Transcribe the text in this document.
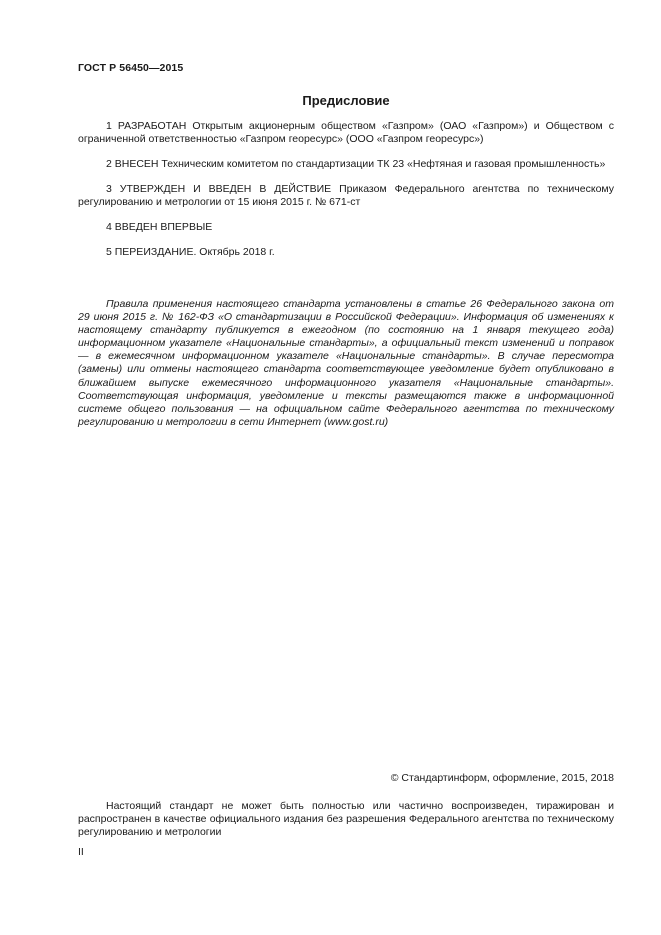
ГОСТ Р 56450—2015
Предисловие

1 РАЗРАБОТАН Открытым акционерным обществом «Газпром» (ОАО «Газпром») и Обществом с ограниченной ответственностью «Газпром георесурс» (ООО «Газпром георесурс»)

2 ВНЕСЕН Техническим комитетом по стандартизации ТК 23 «Нефтяная и газовая промышленность»

3 УТВЕРЖДЕН И ВВЕДЕН В ДЕЙСТВИЕ Приказом Федерального агентства по техническому регулированию и метрологии от 15 июня 2015 г. № 671-ст

4 ВВЕДЕН ВПЕРВЫЕ

5 ПЕРЕИЗДАНИЕ. Октябрь 2018 г.

Правила применения настоящего стандарта установлены в статье 26 Федерального закона от 29 июня 2015 г. № 162-ФЗ «О стандартизации в Российской Федерации». Информация об изменениях к настоящему стандарту публикуется в ежегодном (по состоянию на 1 января текущего года) информационном указателе «Национальные стандарты», а официальный текст изменений и поправок — в ежемесячном информационном указателе «Национальные стандарты». В случае пересмотра (замены) или отмены настоящего стандарта соответствующее уведомление будет опубликовано в ближайшем выпуске ежемесячного информационного указателя «Национальные стандарты». Соответствующая информация, уведомление и тексты размещаются также в информационной системе общего пользования — на официальном сайте Федерального агентства по техническому регулированию и метрологии в сети Интернет (www.gost.ru)

© Стандартинформ, оформление, 2015, 2018

Настоящий стандарт не может быть полностью или частично воспроизведен, тиражирован и распространен в качестве официального издания без разрешения Федерального агентства по техническому регулированию и метрологии

II
